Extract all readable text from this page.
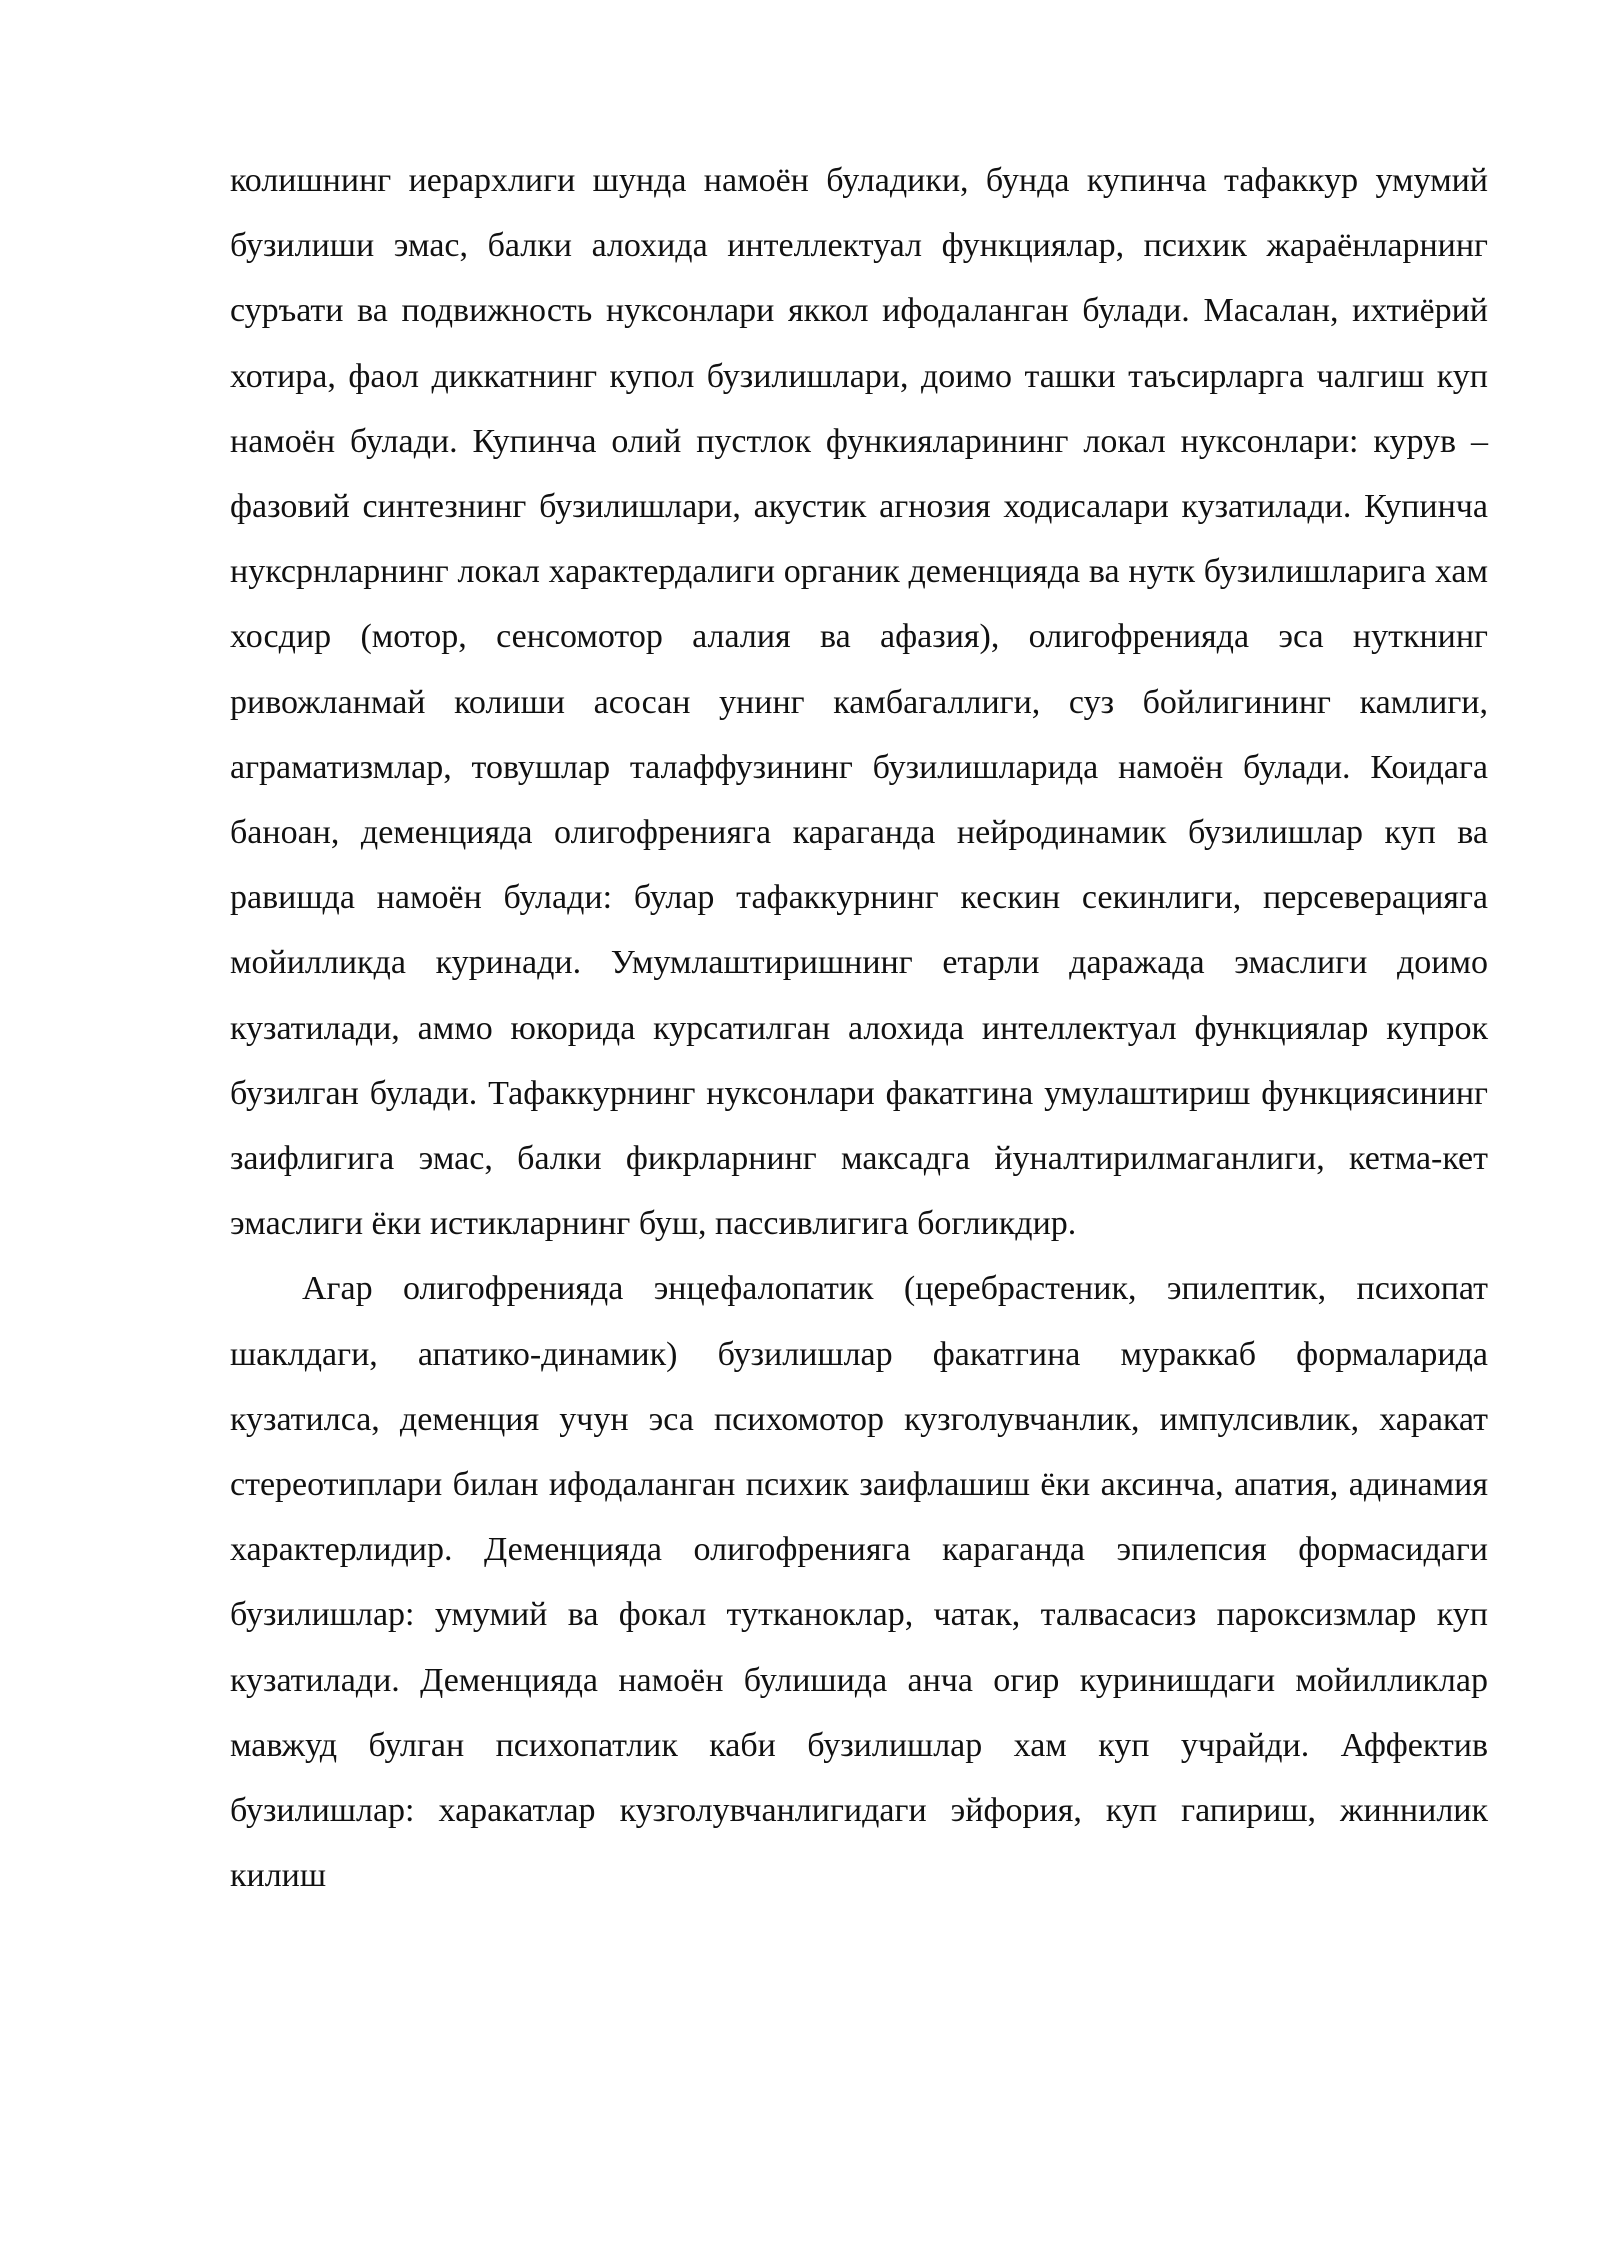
колишнинг иерархлиги шунда намоён буладики, бунда купинча тафаккур умумий бузилиши эмас, балки алохида интеллектуал функциялар, психик жараёнларнинг суръати ва подвижность нуксонлари яккол ифодаланган булади. Масалан, ихтиёрий хотира, фаол диккатнинг купол бузилишлари, доимо ташки таъсирларга чалгиш куп намоён булади. Купинча олий пустлок функияларининг локал нуксонлари: курув – фазовий синтезнинг бузилишлари, акустик агнозия ходисалари кузатилади. Купинча нуксрнларнинг локал характердалиги органик деменцияда ва нутк бузилишларига хам хосдир (мотор, сенсомотор алалия ва афазия), олигофренияда эса нуткнинг ривожланмай колиши асосан унинг камбагаллиги, суз бойлигининг камлиги, аграматизмлар, товушлар талаффузининг бузилишларида намоён булади. Коидага баноан, деменцияда олигофренияга караганда нейродинамик бузилишлар куп ва равишда намоён булади: булар тафаккурнинг кескин секинлиги, персеверацияга мойилликда куринади. Умумлаштиришнинг етарли даражада эмаслиги доимо кузатилади, аммо юкорида курсатилган алохида интеллектуал функциялар купрок бузилган булади. Тафаккурнинг нуксонлари факатгина умулаштириш функциясининг заифлигига эмас, балки фикрларнинг максадга йуналтирилмаганлиги, кетма-кет эмаслиги ёки истикларнинг буш, пассивлигига богликдир.

Агар олигофренияда энцефалопатик (церебрастеник, эпилептик, психопат шаклдаги, апатико-динамик) бузилишлар факатгина мураккаб формаларида кузатилса, деменция учун эса психомотор кузголувчанлик, импулсивлик, харакат стереотиплари билан ифодаланган психик заифлашиш ёки аксинча, апатия, адинамия характерлидир. Деменцияда олигофренияга караганда эпилепсия формасидаги бузилишлар: умумий ва фокал тутканоклар, чатак, талвасасиз пароксизмлар куп кузатилади. Деменцияда намоён булишида анча огир куринишдаги мойилликлар мавжуд булган психопатлик каби бузилишлар хам куп учрайди. Аффектив бузилишлар: харакатлар кузголувчанлигидаги эйфория, куп гапириш, жиннилик килиш
